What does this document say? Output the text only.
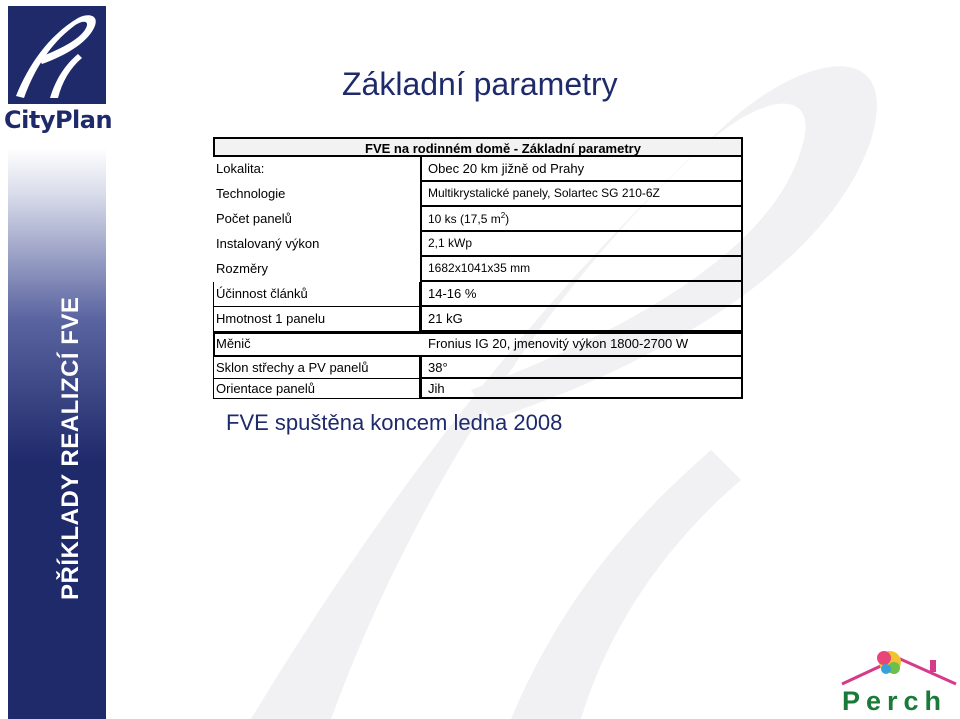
CityPlan
PŘÍKLADY REALIZCÍ FVE
Základní parametry
FVE na rodinném domě - Základní parametry
Lokalita:	Obec 20 km jižně od Prahy
Technologie	Multikrystalické panely, Solartec SG 210-6Z
Počet panelů	10 ks (17,5 $m^2$)
Instalovaný výkon	2,1 kWp
Rozměry	1682x1041x35 mm
Účinnost článků	14-16 %
Hmotnost 1 panelu	21 kG
Měnič	Fronius IG 20, jmenovitý výkon 1800-2700 W
Sklon střechy a PV panelů	38°
Orientace panelů	Jih
FVE spuštěna koncem ledna 2008
Perch
